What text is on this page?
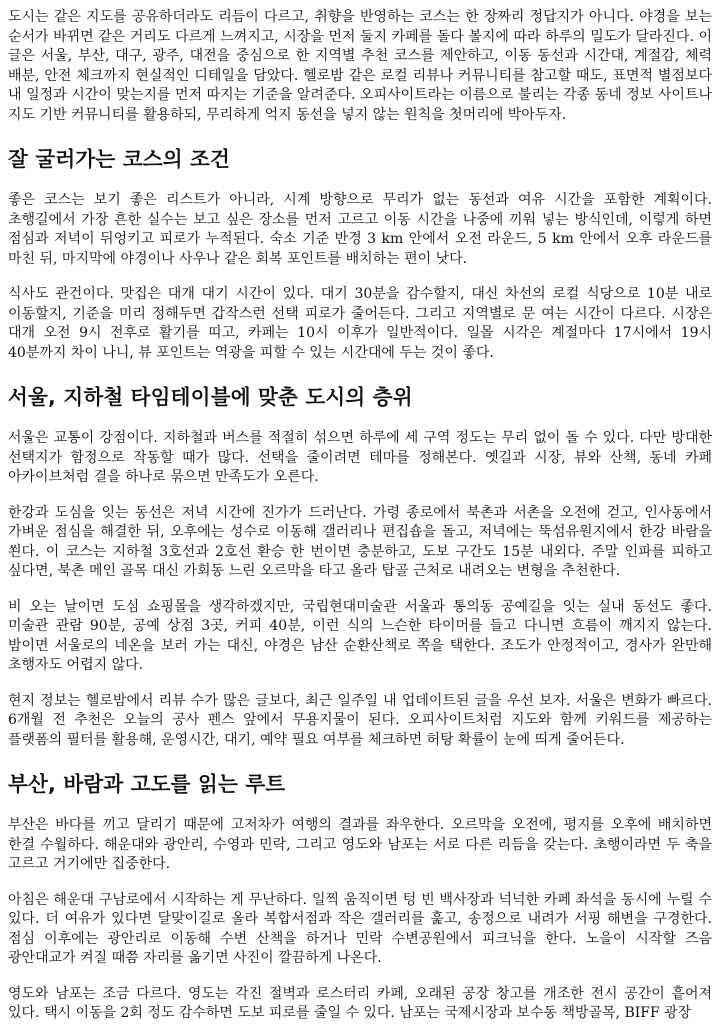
도시는 같은 지도를 공유하더라도 리듬이 다르고, 취향을 반영하는 코스는 한 장짜리 정답지가 아니다. 야경을 보는 순서가 바뀌면 같은 거리도 다르게 느껴지고, 시장을 먼저 둘지 카페를 돌다 볼지에 따라 하루의 밀도가 달라진다. 이 글은 서울, 부산, 대구, 광주, 대전을 중심으로 한 지역별 추천 코스를 제안하고, 이동 동선과 시간대, 계절감, 체력 배분, 안전 체크까지 현실적인 디테일을 담았다. 헬로밤 같은 로컬 리뷰나 커뮤니티를 참고할 때도, 표면적 별점보다 내 일정과 시간이 맞는지를 먼저 따지는 기준을 알려준다. 오피사이트라는 이름으로 불리는 각종 동네 정보 사이트나 지도 기반 커뮤니티를 활용하되, 무리하게 억지 동선을 넣지 않는 원칙을 첫머리에 박아두자.

잘 굴러가는 코스의 조건

좋은 코스는 보기 좋은 리스트가 아니라, 시계 방향으로 무리가 없는 동선과 여유 시간을 포함한 계획이다. 초행길에서 가장 흔한 실수는 보고 싶은 장소를 먼저 고르고 이동 시간을 나중에 끼워 넣는 방식인데, 이렇게 하면 점심과 저녁이 뒤엉키고 피로가 누적된다. 숙소 기준 반경 3 km 안에서 오전 라운드, 5 km 안에서 오후 라운드를 마친 뒤, 마지막에 야경이나 사우나 같은 회복 포인트를 배치하는 편이 낫다.

식사도 관건이다. 맛집은 대개 대기 시간이 있다. 대기 30분을 감수할지, 대신 차선의 로컬 식당으로 10분 내로 이동할지, 기준을 미리 정해두면 갑작스런 선택 피로가 줄어든다. 그리고 지역별로 문 여는 시간이 다르다. 시장은 대개 오전 9시 전후로 활기를 띠고, 카페는 10시 이후가 일반적이다. 일몰 시각은 계절마다 17시에서 19시 40분까지 차이 나니, 뷰 포인트는 역광을 피할 수 있는 시간대에 두는 것이 좋다.

서울, 지하철 타임테이블에 맞춘 도시의 층위

서울은 교통이 강점이다. 지하철과 버스를 적절히 섞으면 하루에 세 구역 정도는 무리 없이 돌 수 있다. 다만 방대한 선택지가 함정으로 작동할 때가 많다. 선택을 줄이려면 테마를 정해본다. 옛길과 시장, 뷰와 산책, 동네 카페 아카이브처럼 결을 하나로 묶으면 만족도가 오른다.

한강과 도심을 잇는 동선은 저녁 시간에 진가가 드러난다. 가령 종로에서 북촌과 서촌을 오전에 걷고, 인사동에서 가벼운 점심을 해결한 뒤, 오후에는 성수로 이동해 갤러리나 편집숍을 돌고, 저녁에는 뚝섬유원지에서 한강 바람을 쐰다. 이 코스는 지하철 3호선과 2호선 환승 한 번이면 충분하고, 도보 구간도 15분 내외다. 주말 인파를 피하고 싶다면, 북촌 메인 골목 대신 가회동 느린 오르막을 타고 올라 탑골 근처로 내려오는 변형을 추천한다.

비 오는 날이면 도심 쇼핑몰을 생각하겠지만, 국립현대미술관 서울과 통의동 공예길을 잇는 실내 동선도 좋다. 미술관 관람 90분, 공예 상점 3곳, 커피 40분, 이런 식의 느슨한 타이머를 들고 다니면 흐름이 깨지지 않는다. 밤이면 서울로의 네온을 보러 가는 대신, 야경은 남산 순환산책로 쪽을 택한다. 조도가 안정적이고, 경사가 완만해 초행자도 어렵지 않다.

현지 정보는 헬로밤에서 리뷰 수가 많은 글보다, 최근 일주일 내 업데이트된 글을 우선 보자. 서울은 변화가 빠르다. 6개월 전 추천은 오늘의 공사 펜스 앞에서 무용지물이 된다. 오피사이트처럼 지도와 함께 키워드를 제공하는 플랫폼의 필터를 활용해, 운영시간, 대기, 예약 필요 여부를 체크하면 허탕 확률이 눈에 띄게 줄어든다.

부산, 바람과 고도를 읽는 루트

부산은 바다를 끼고 달리기 때문에 고저차가 여행의 결과를 좌우한다. 오르막을 오전에, 평지를 오후에 배치하면 한결 수월하다. 해운대와 광안리, 수영과 민락, 그리고 영도와 남포는 서로 다른 리듬을 갖는다. 초행이라면 두 축을 고르고 거기에만 집중한다.

아침은 해운대 구남로에서 시작하는 게 무난하다. 일찍 움직이면 텅 빈 백사장과 넉넉한 카페 좌석을 동시에 누릴 수 있다. 더 여유가 있다면 달맞이길로 올라 복합서점과 작은 갤러리를 훑고, 송정으로 내려가 서핑 해변을 구경한다. 점심 이후에는 광안리로 이동해 수변 산책을 하거나 민락 수변공원에서 피크닉을 한다. 노을이 시작할 즈음 광안대교가 켜질 때쯤 자리를 옮기면 사진이 깔끔하게 나온다.

영도와 남포는 조금 다르다. 영도는 각진 절벽과 로스터리 카페, 오래된 공장 창고를 개조한 전시 공간이 흩어져 있다. 택시 이동을 2회 정도 감수하면 도보 피로를 줄일 수 있다. 남포는 국제시장과 보수동 책방골목, BIFF 광장
